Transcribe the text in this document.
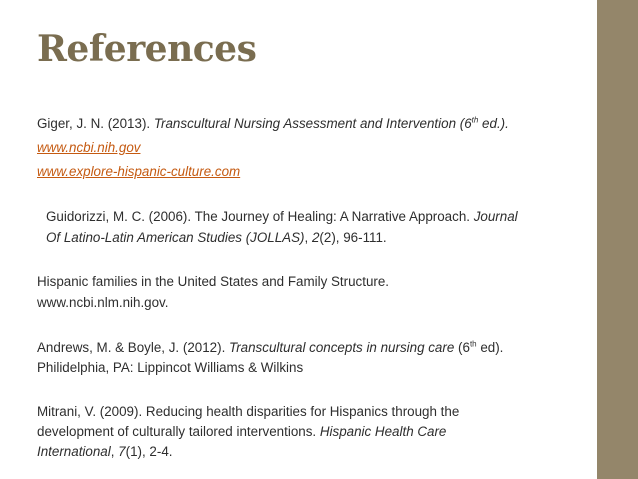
References
Giger, J. N. (2013). Transcultural Nursing Assessment and Intervention (6th ed.).
www.ncbi.nih.gov
www.explore-hispanic-culture.com
Guidorizzi, M. C. (2006). The Journey of Healing: A Narrative Approach. Journal
Of Latino-Latin American Studies (JOLLAS), 2(2), 96-111.
Hispanic families in the United States and Family Structure.
www.ncbi.nlm.nih.gov.
Andrews, M. & Boyle, J. (2012). Transcultural concepts in nursing care (6th ed).
Philidelphia, PA: Lippincot Williams & Wilkins
Mitrani, V. (2009). Reducing health disparities for Hispanics through the
development of culturally tailored interventions. Hispanic Health Care
International, 7(1), 2-4.
